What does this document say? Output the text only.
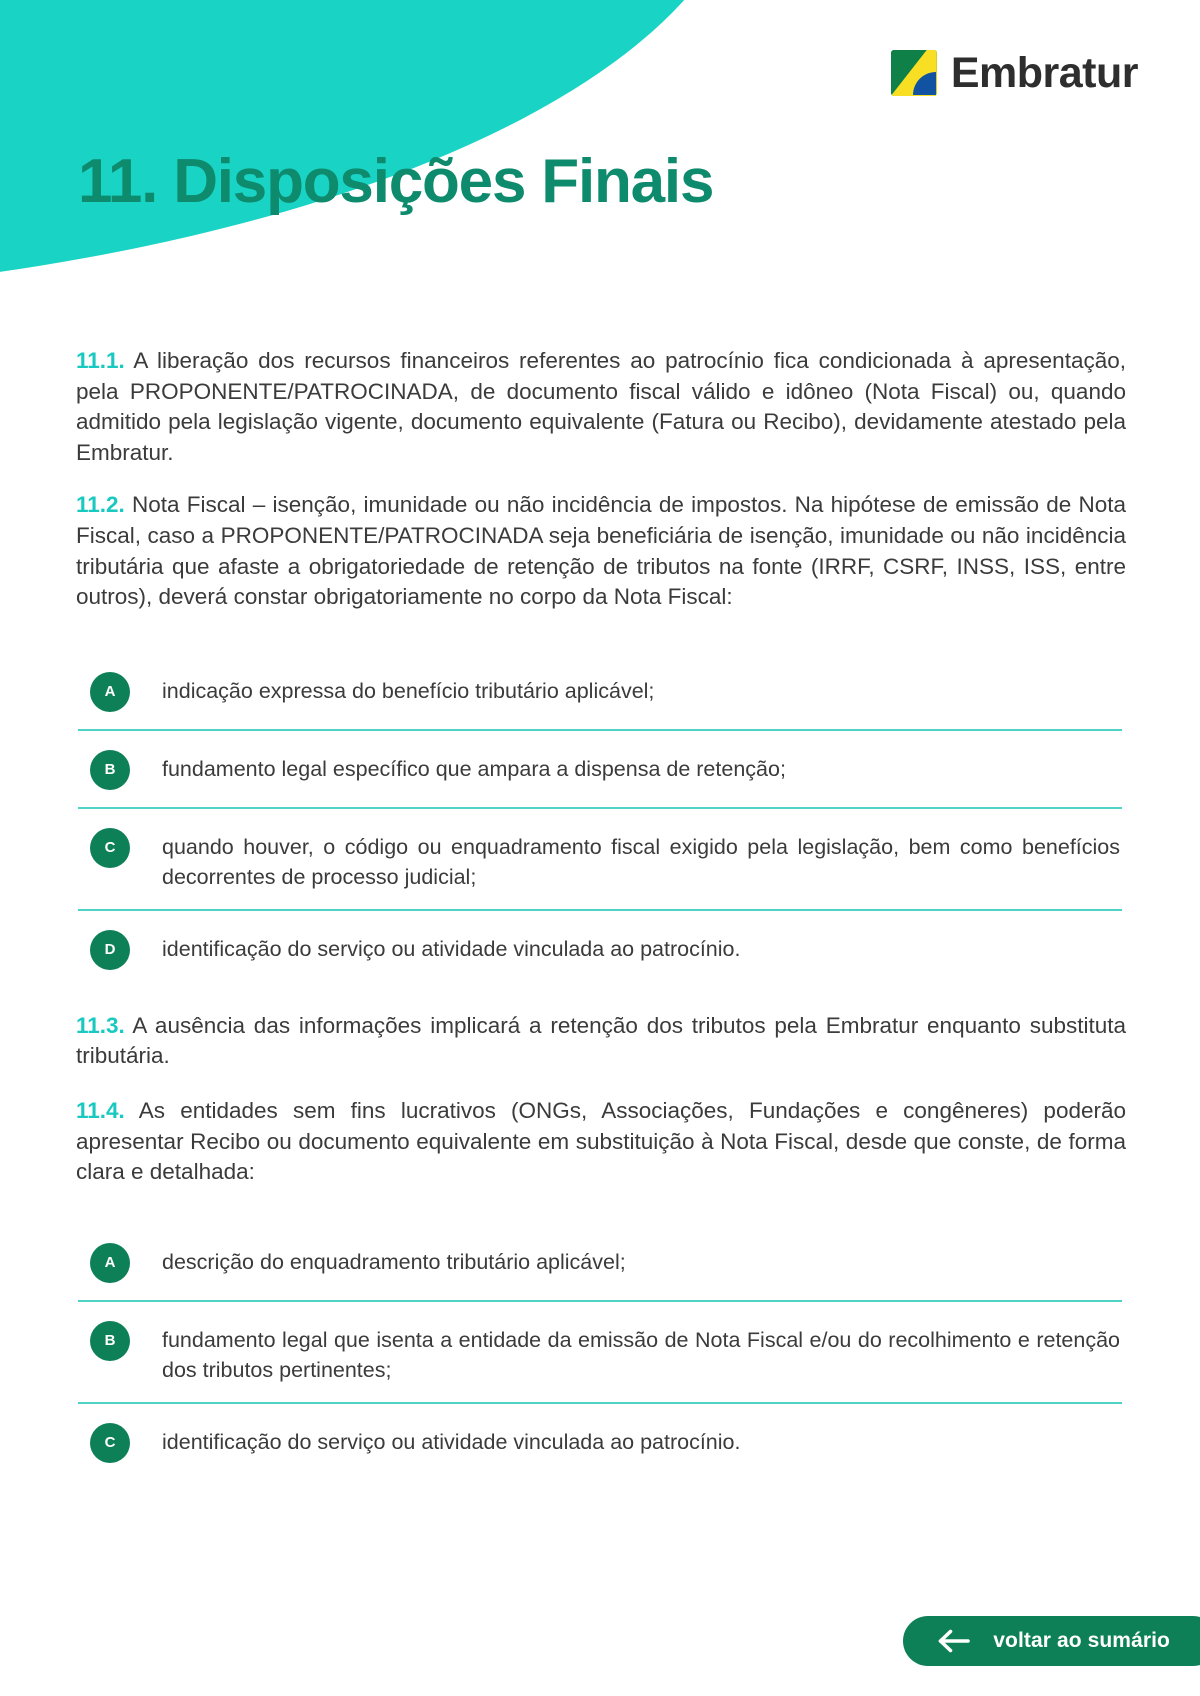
Embratur
11. Disposições Finais

11.1. A liberação dos recursos financeiros referentes ao patrocínio fica condicionada à apresentação, pela PROPONENTE/PATROCINADA, de documento fiscal válido e idôneo (Nota Fiscal) ou, quando admitido pela legislação vigente, documento equivalente (Fatura ou Recibo), devidamente atestado pela Embratur.

11.2. Nota Fiscal – isenção, imunidade ou não incidência de impostos. Na hipótese de emissão de Nota Fiscal, caso a PROPONENTE/PATROCINADA seja beneficiária de isenção, imunidade ou não incidência tributária que afaste a obrigatoriedade de retenção de tributos na fonte (IRRF, CSRF, INSS, ISS, entre outros), deverá constar obrigatoriamente no corpo da Nota Fiscal:

A	indicação expressa do benefício tributário aplicável;
B	fundamento legal específico que ampara a dispensa de retenção;
C	quando houver, o código ou enquadramento fiscal exigido pela legislação, bem como benefícios decorrentes de processo judicial;
D	identificação do serviço ou atividade vinculada ao patrocínio.

11.3. A ausência das informações implicará a retenção dos tributos pela Embratur enquanto substituta tributária.

11.4. As entidades sem fins lucrativos (ONGs, Associações, Fundações e congêneres) poderão apresentar Recibo ou documento equivalente em substituição à Nota Fiscal, desde que conste, de forma clara e detalhada:

A	descrição do enquadramento tributário aplicável;
B	fundamento legal que isenta a entidade da emissão de Nota Fiscal e/ou do recolhimento e retenção dos tributos pertinentes;
C	identificação do serviço ou atividade vinculada ao patrocínio.
voltar ao sumário
